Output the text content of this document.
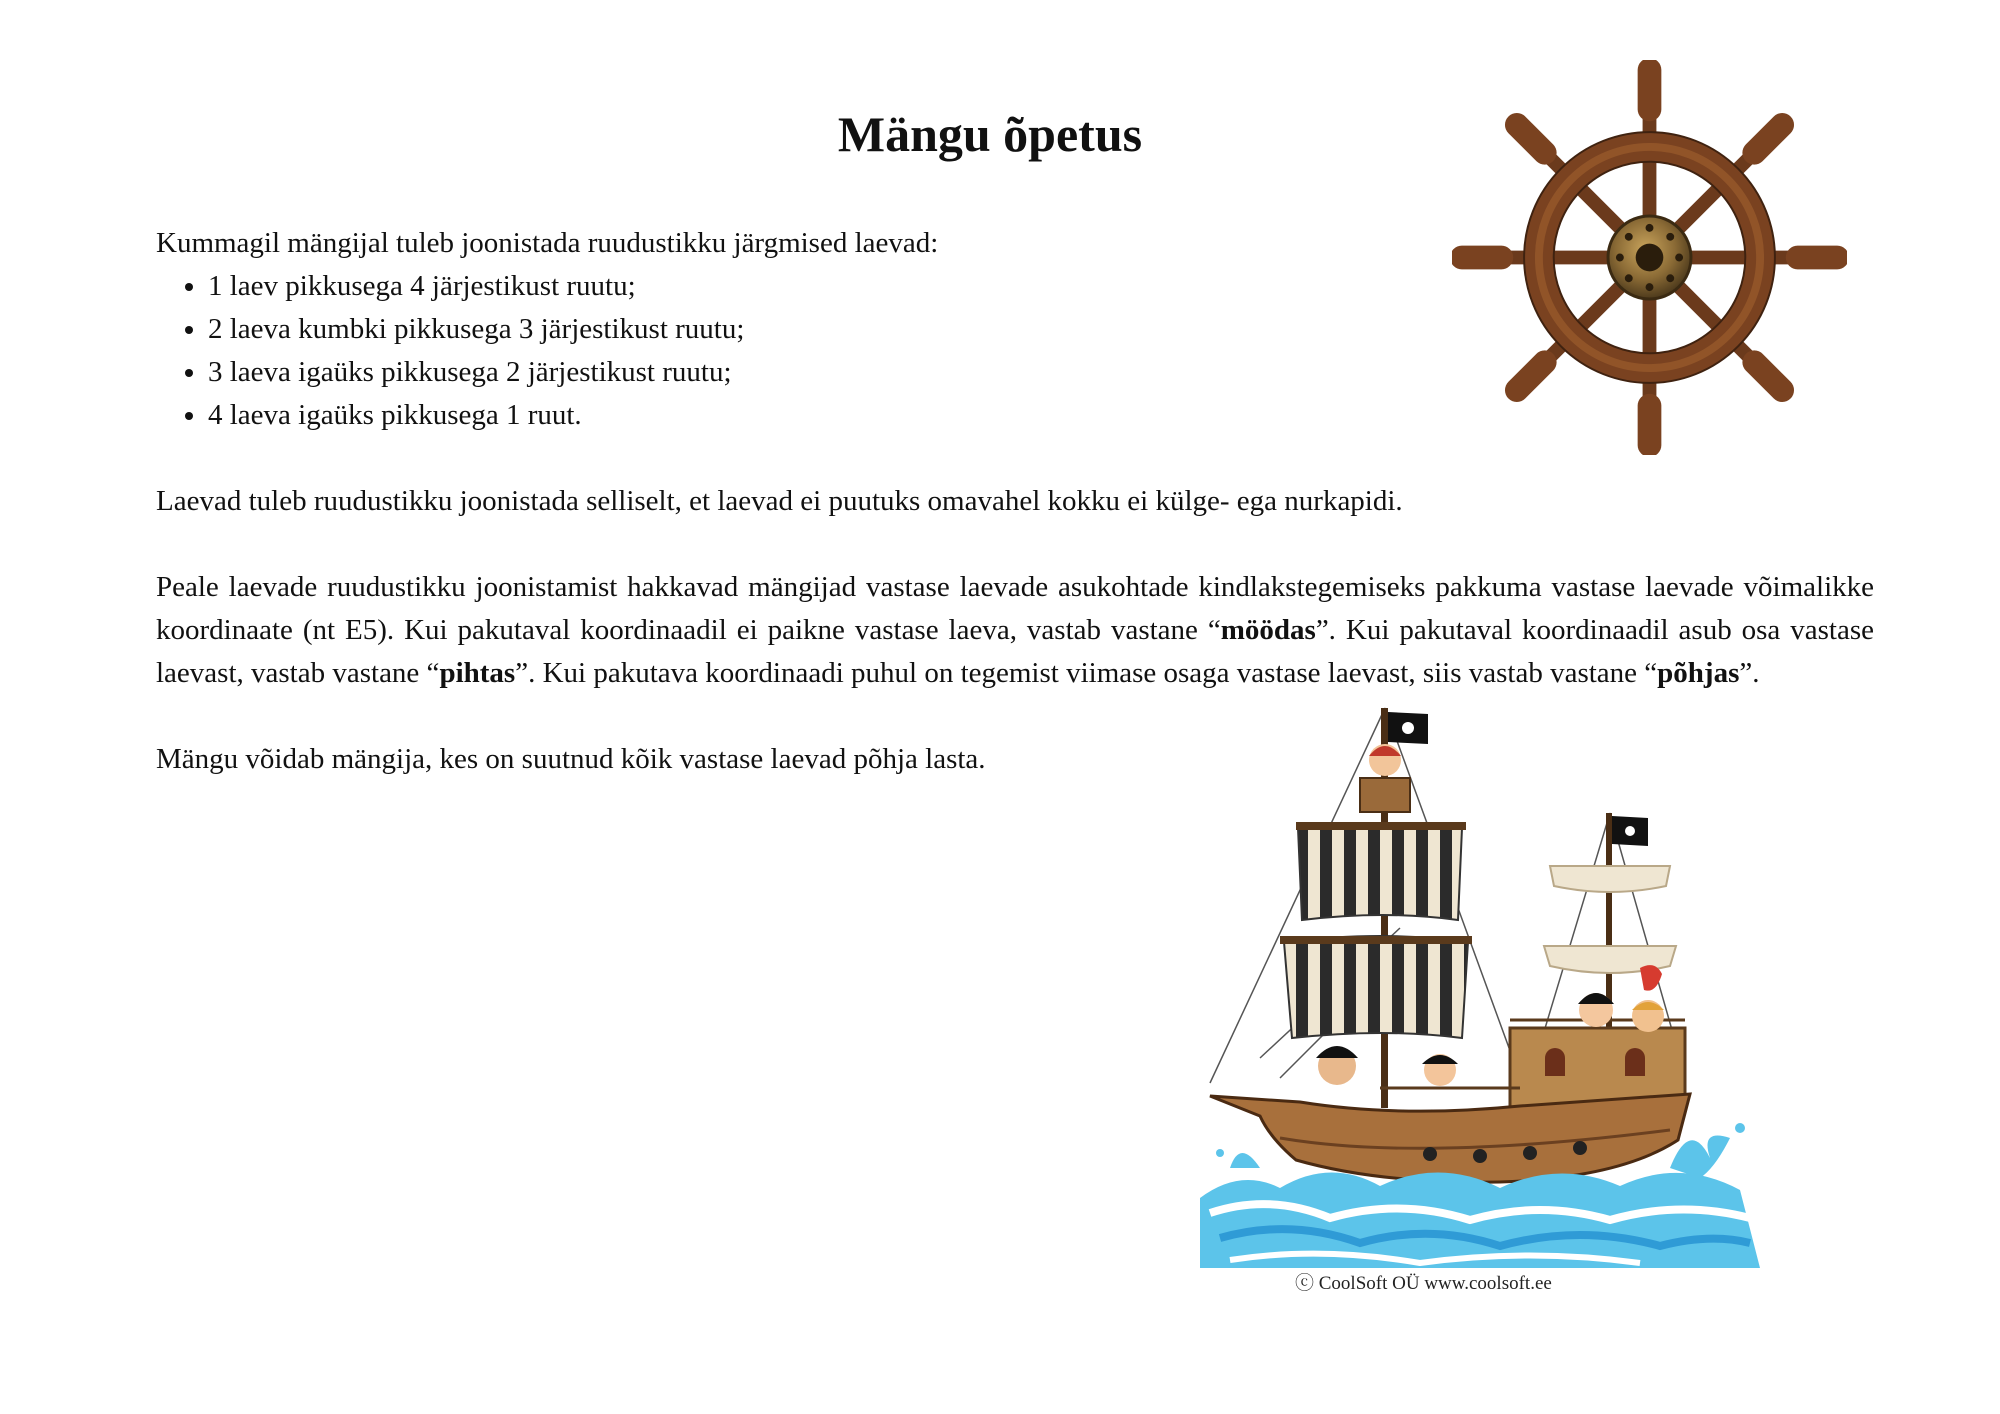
Mängu õpetus

Kummagil mängijal tuleb joonistada ruudustikku järgmised laevad:

• 1 laev pikkusega 4 järjestikust ruutu;
• 2 laeva kumbki pikkusega 3 järjestikust ruutu;
• 3 laeva igaüks pikkusega 2 järjestikust ruutu;
• 4 laeva igaüks pikkusega 1 ruut.

Laevad tuleb ruudustikku joonistada selliselt, et laevad ei puutuks omavahel kokku ei külge- ega nurkapidi.

Peale laevade ruudustikku joonistamist hakkavad mängijad vastase laevade asukohtade kindlakstegemiseks pakkuma vastase laevade võimalikke koordinaate (nt E5). Kui pakutaval koordinaadil ei paikne vastase laeva, vastab vastane “möödas”. Kui pakutaval koordinaadil asub osa vastase laevast, vastab vastane “pihtas”. Kui pakutava koordinaadi puhul on tegemist viimase osaga vastase laevast, siis vastab vastane “põhjas”.

Mängu võidab mängija, kes on suutnud kõik vastase laevad põhja lasta.

ⓒ CoolSoft OÜ www.coolsoft.ee
